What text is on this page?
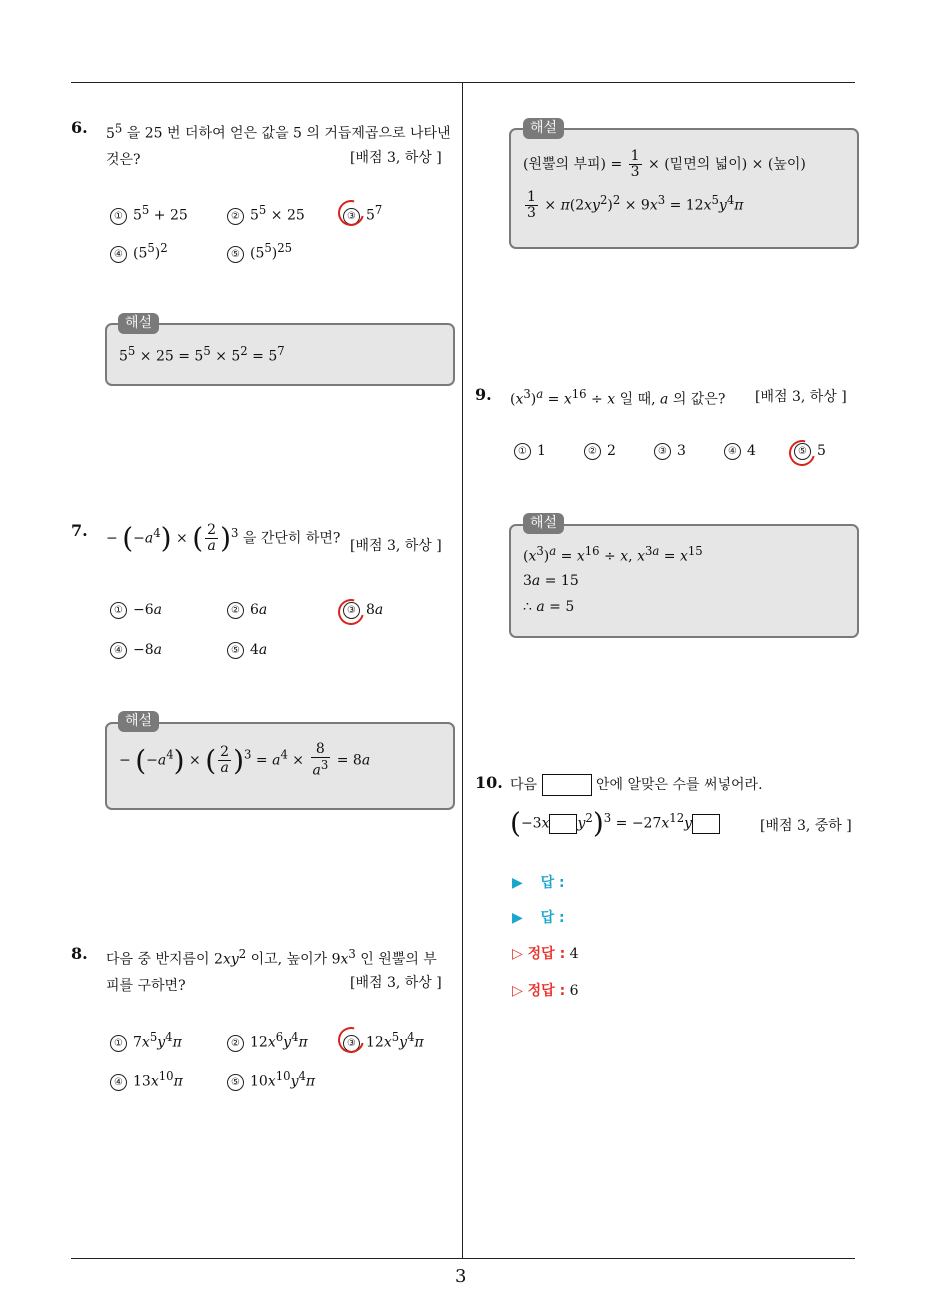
3
6. $5^5$ 을 25 번 더하여 얻은 값을 5 의 거듭제곱으로 나타낸
것은?	[배점 3, 하상 ]
① $5^5 + 25$	② $5^5 \times 25$	③ $5^7$
④ $(5^5)^2$	⑤ $(5^5)^{25}$
해설
$5^5 \times 25 = 5^5 \times 5^2 = 5^7$
7. − $(-a^4)$ × ( $\frac{2}{a} )^3$ 을 간단히 하면? [배점 3, 하상 ]
① −6a	② 6a	③ 8a
④ −8a	⑤ 4a
해설
− $(-a^4)$ × ( $\frac{2}{a} )^3 = a^4 \times \frac{8}{a^3} = 8a$
8. 다음 중 반지름이 $2xy^2$ 이고, 높이가 $9x^3$ 인 원뿔의 부
피를 구하면?	[배점 3, 하상 ]
① $7x^5y^4\pi$	② $12x^6y^4\pi$	③ $12x^5y^4\pi$
④ $13x^{10}\pi$	⑤ $10x^{10}y^4\pi$
해설
(원뿔의 부피) = $\frac{1}{3}$ × (밑면의 넓이) × (높이)
$\frac{1}{3} \times \pi(2xy^2)^2 \times 9x^3 = 12x^5y^4\pi$
9. $(x^3)^a = x^{16} \div x$ 일 때, a 의 값은? [배점 3, 하상 ]
① 1	② 2	③ 3	④ 4	⑤ 5
해설
$(x^3)^a = x^{16} \div x$, $x^{3a} = x^{15}$
3a = 15
∴ a = 5
10. 다음	안에 알맞은 수를 써넣어라.
(−3x $y^2)^3 = -27x^{12}y$	[배점 3, 중하 ]
▶ 답 :
▶ 답 :
▷ 정답 : 4
▷ 정답 : 6
